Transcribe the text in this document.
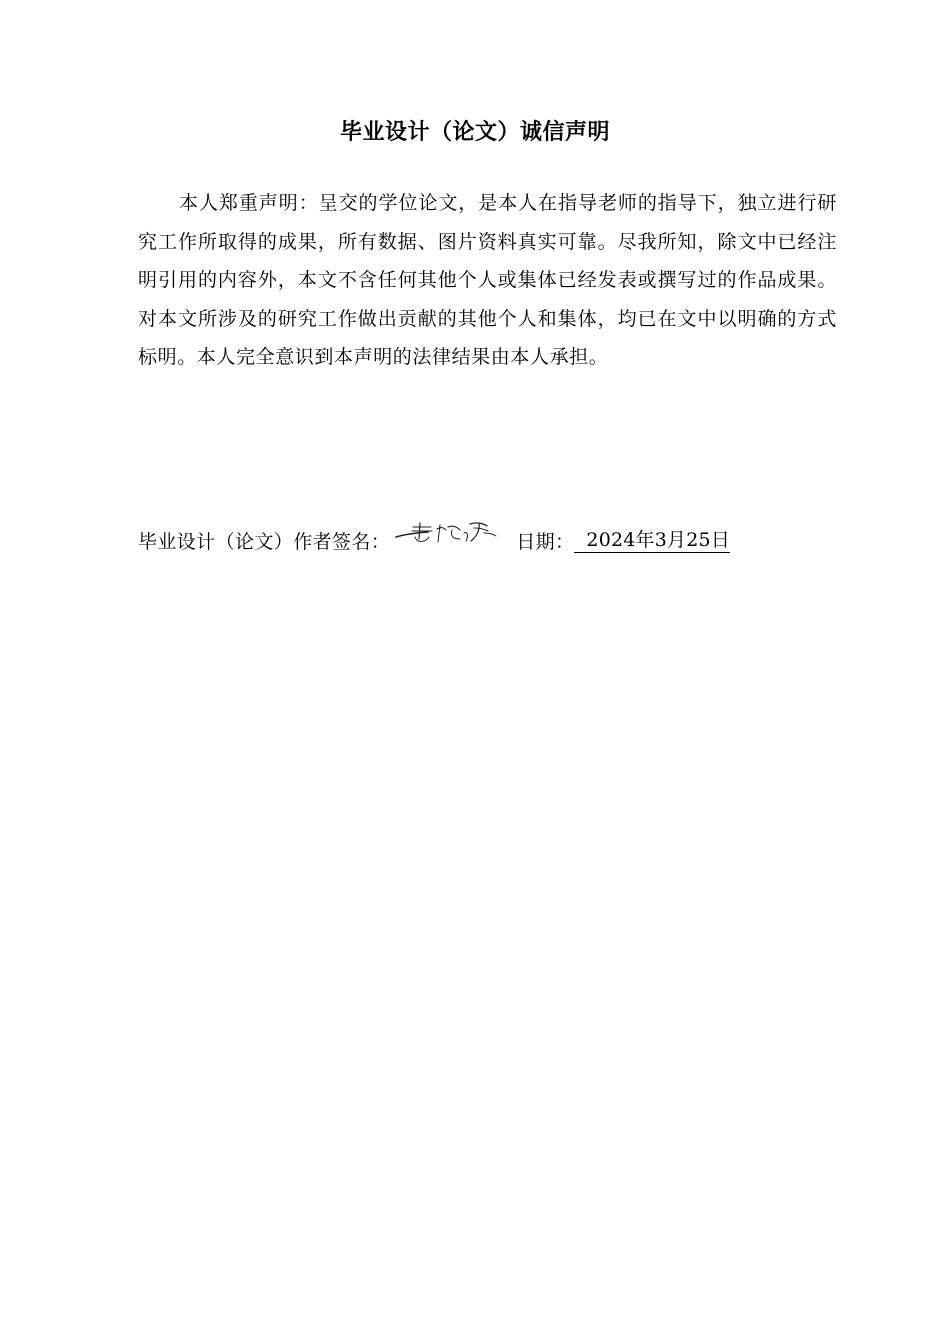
毕业设计（论文）诚信声明

本人郑重声明：呈交的学位论文，是本人在指导老师的指导下，独立进行研究工作所取得的成果，所有数据、图片资料真实可靠。尽我所知，除文中已经注明引用的内容外，本文不含任何其他个人或集体已经发表或撰写过的作品成果。对本文所涉及的研究工作做出贡献的其他个人和集体，均已在文中以明确的方式标明。本人完全意识到本声明的法律结果由本人承担。

毕业设计（论文）作者签名：	日期： 2024年3月25日
